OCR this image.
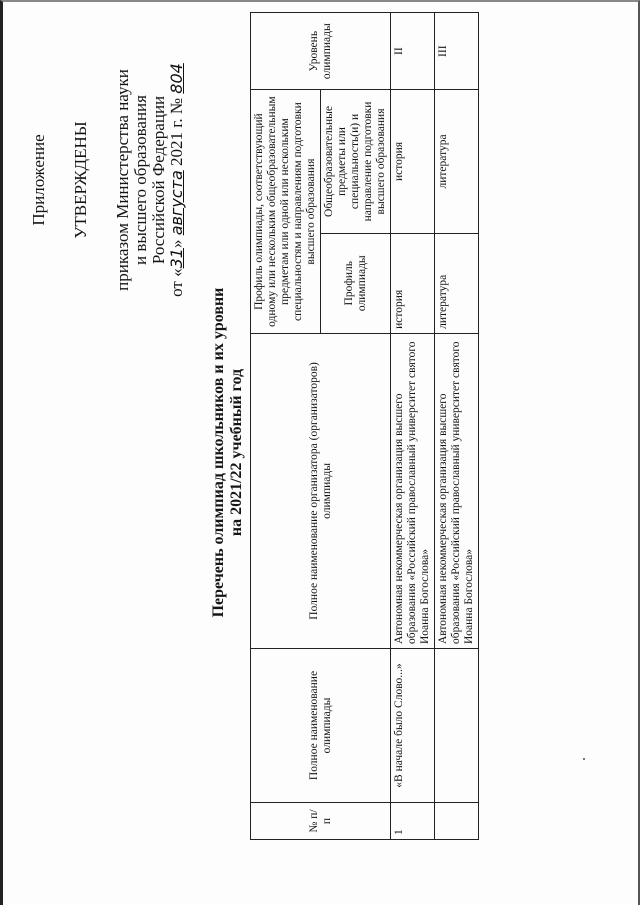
Приложение УТВЕРЖДЕНЫ приказом Министерства науки и высшего образования Российской Федерации
от «31» августа 2021 г. № 804
Перечень олимпиад школьников и их уровни на 2021/22 учебный год
№ п/п	Полное наименование олимпиады	Полное наименование организатора (организаторов) олимпиады	Профиль олимпиады, соответствующий одному или нескольким общеобразовательным предметам или одной или нескольким специальностям и направлениям подготовки высшего образования		Уровень олимпиады
			Профиль олимпиады	Общеобразовательные предметы или специальность(и) и направление подготовки высшего образования	
1	«В начале было Слово...»	Автономная некоммерческая организация высшего образования «Российский православный университет святого Иоанна Богослова»	история	история	II
		Автономная некоммерческая организация высшего образования «Российский православный университет святого Иоанна Богослова»	литература	литература	III
